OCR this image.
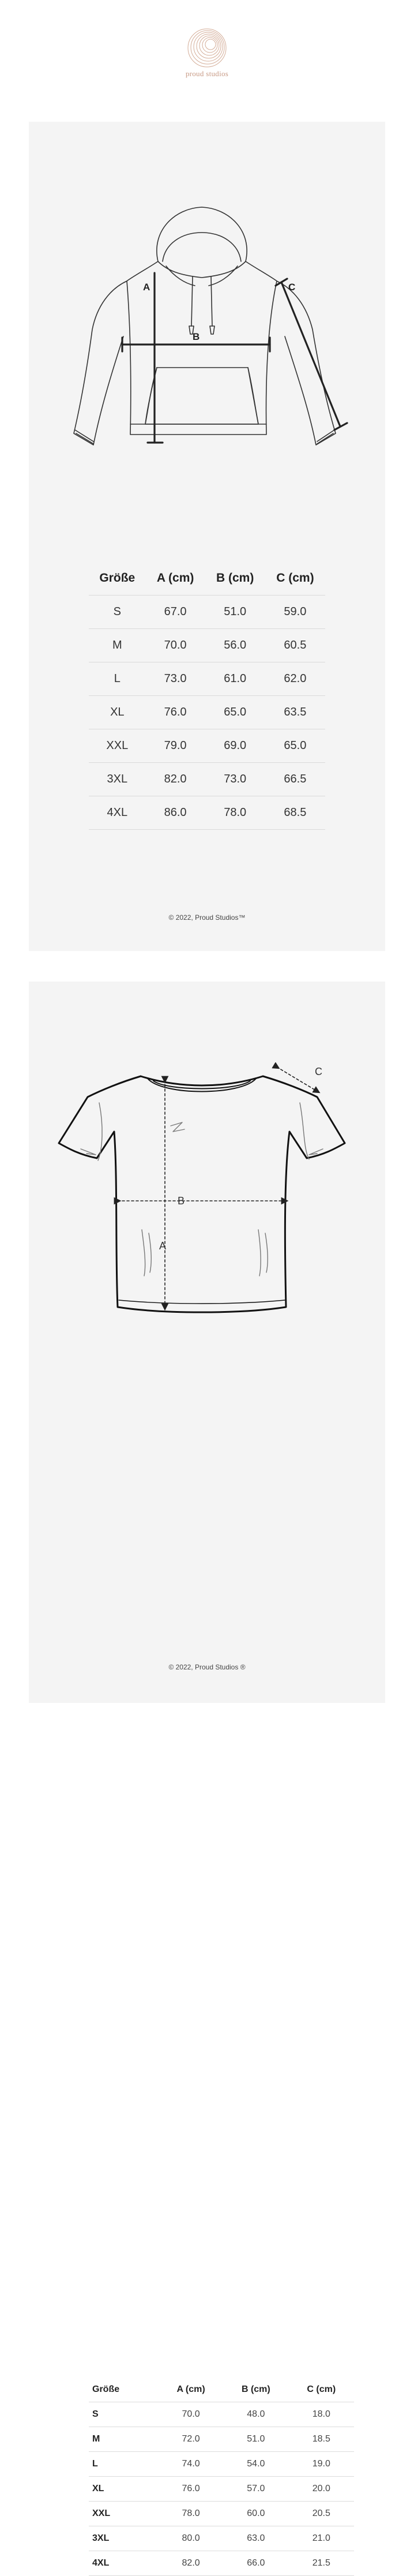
proud studios
A
B
C
Größe	A (cm)	B (cm)	C (cm)
S	67.0	51.0	59.0
M	70.0	56.0	60.5
L	73.0	61.0	62.0
XL	76.0	65.0	63.5
XXL	79.0	69.0	65.0
3XL	82.0	73.0	66.5
4XL	86.0	78.0	68.5
© 2022, Proud Studios™
A
B
C
Größe	A (cm)	B (cm)	C (cm)
S	70.0	48.0	18.0
M	72.0	51.0	18.5
L	74.0	54.0	19.0
XL	76.0	57.0	20.0
XXL	78.0	60.0	20.5
3XL	80.0	63.0	21.0
4XL	82.0	66.0	21.5
© 2022, Proud Studios ®
